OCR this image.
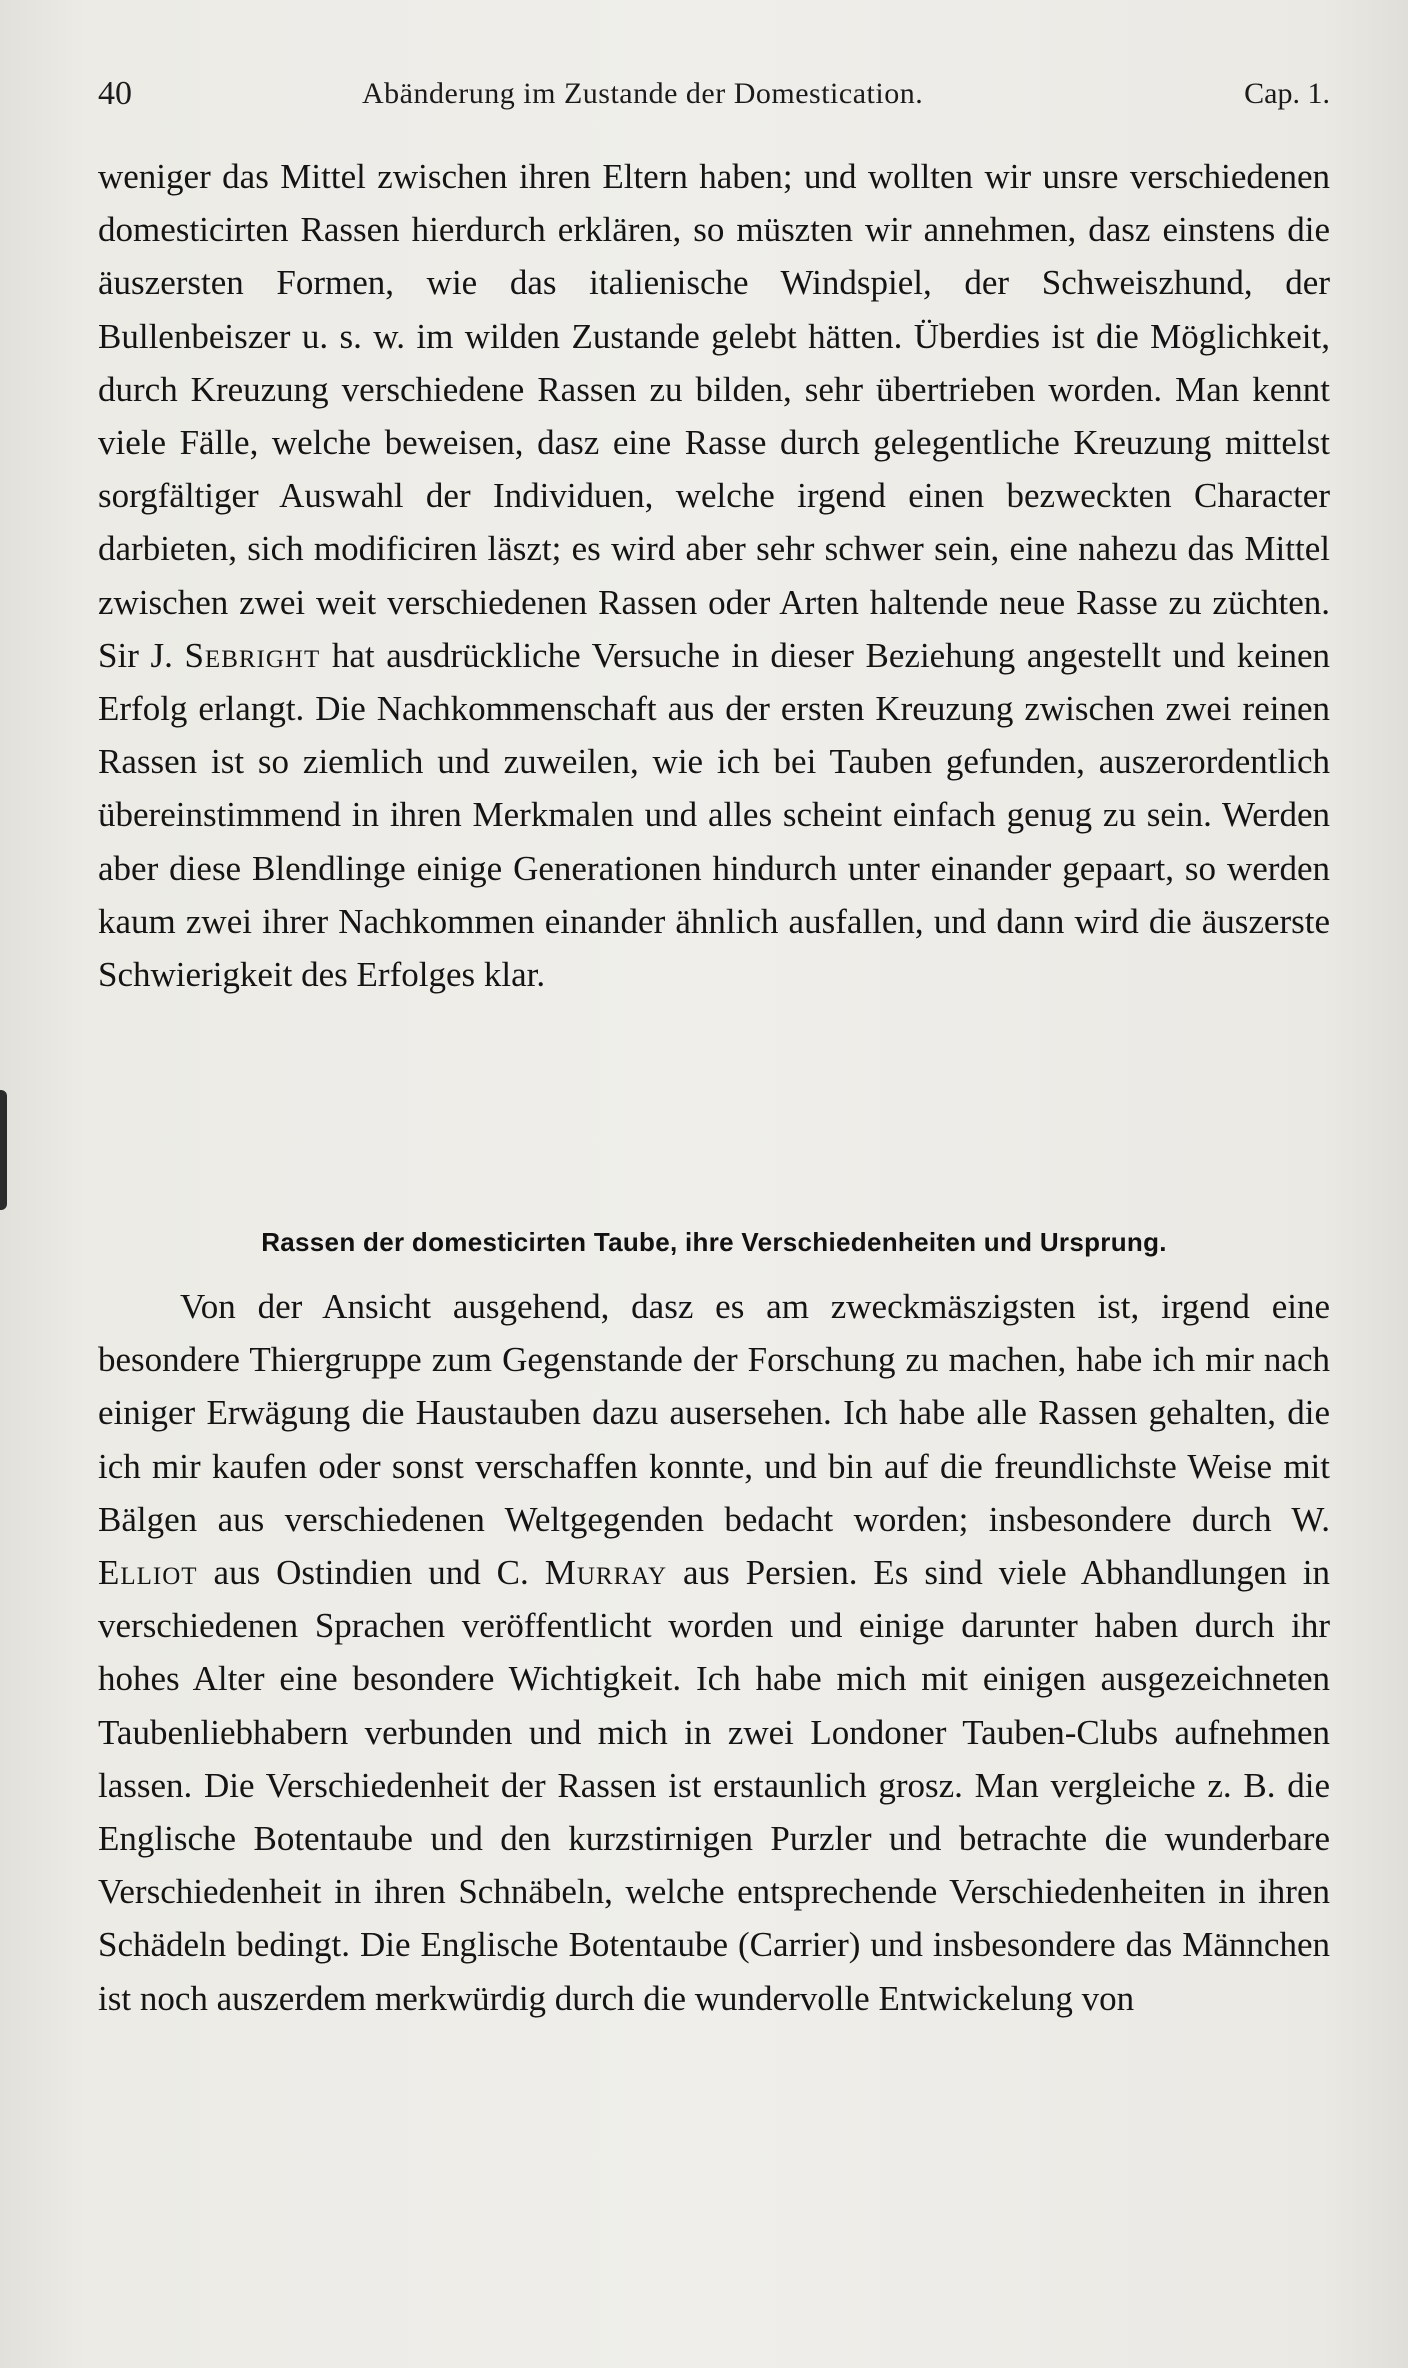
40	Abänderung im Zustande der Domestication.	Cap. 1.

weniger das Mittel zwischen ihren Eltern haben; und wollten wir unsre verschiedenen domesticirten Rassen hierdurch erklären, so müszten wir annehmen, dasz einstens die äuszersten Formen, wie das italienische Windspiel, der Schweiszhund, der Bullenbeiszer u. s. w. im wilden Zustande gelebt hätten. Überdies ist die Möglichkeit, durch Kreuzung verschiedene Rassen zu bilden, sehr übertrieben worden. Man kennt viele Fälle, welche beweisen, dasz eine Rasse durch gelegentliche Kreuzung mittelst sorgfältiger Auswahl der Individuen, welche irgend einen bezweckten Character darbieten, sich modificiren läszt; es wird aber sehr schwer sein, eine nahezu das Mittel zwischen zwei weit verschiedenen Rassen oder Arten haltende neue Rasse zu züchten. Sir J. Sebright hat ausdrückliche Versuche in dieser Beziehung angestellt und keinen Erfolg erlangt. Die Nachkommenschaft aus der ersten Kreuzung zwischen zwei reinen Rassen ist so ziemlich und zuweilen, wie ich bei Tauben gefunden, auszerordentlich übereinstimmend in ihren Merkmalen und alles scheint einfach genug zu sein. Werden aber diese Blendlinge einige Generationen hindurch unter einander gepaart, so werden kaum zwei ihrer Nachkommen einander ähnlich ausfallen, und dann wird die äuszerste Schwierigkeit des Erfolges klar.

Rassen der domesticirten Taube, ihre Verschiedenheiten und Ursprung.

Von der Ansicht ausgehend, dasz es am zweckmäszigsten ist, irgend eine besondere Thiergruppe zum Gegenstande der Forschung zu machen, habe ich mir nach einiger Erwägung die Haustauben dazu ausersehen. Ich habe alle Rassen gehalten, die ich mir kaufen oder sonst verschaffen konnte, und bin auf die freundlichste Weise mit Bälgen aus verschiedenen Weltgegenden bedacht worden; insbesondere durch W. Elliot aus Ostindien und C. Murray aus Persien. Es sind viele Abhandlungen in verschiedenen Sprachen veröffentlicht worden und einige darunter haben durch ihr hohes Alter eine besondere Wichtigkeit. Ich habe mich mit einigen ausgezeichneten Taubenliebhabern verbunden und mich in zwei Londoner Tauben-Clubs aufnehmen lassen. Die Verschiedenheit der Rassen ist erstaunlich grosz. Man vergleiche z. B. die Englische Botentaube und den kurzstirnigen Purzler und betrachte die wunderbare Verschiedenheit in ihren Schnäbeln, welche entsprechende Verschiedenheiten in ihren Schädeln bedingt. Die Englische Botentaube (Carrier) und insbesondere das Männchen ist noch auszerdem merkwürdig durch die wundervolle Entwickelung von
